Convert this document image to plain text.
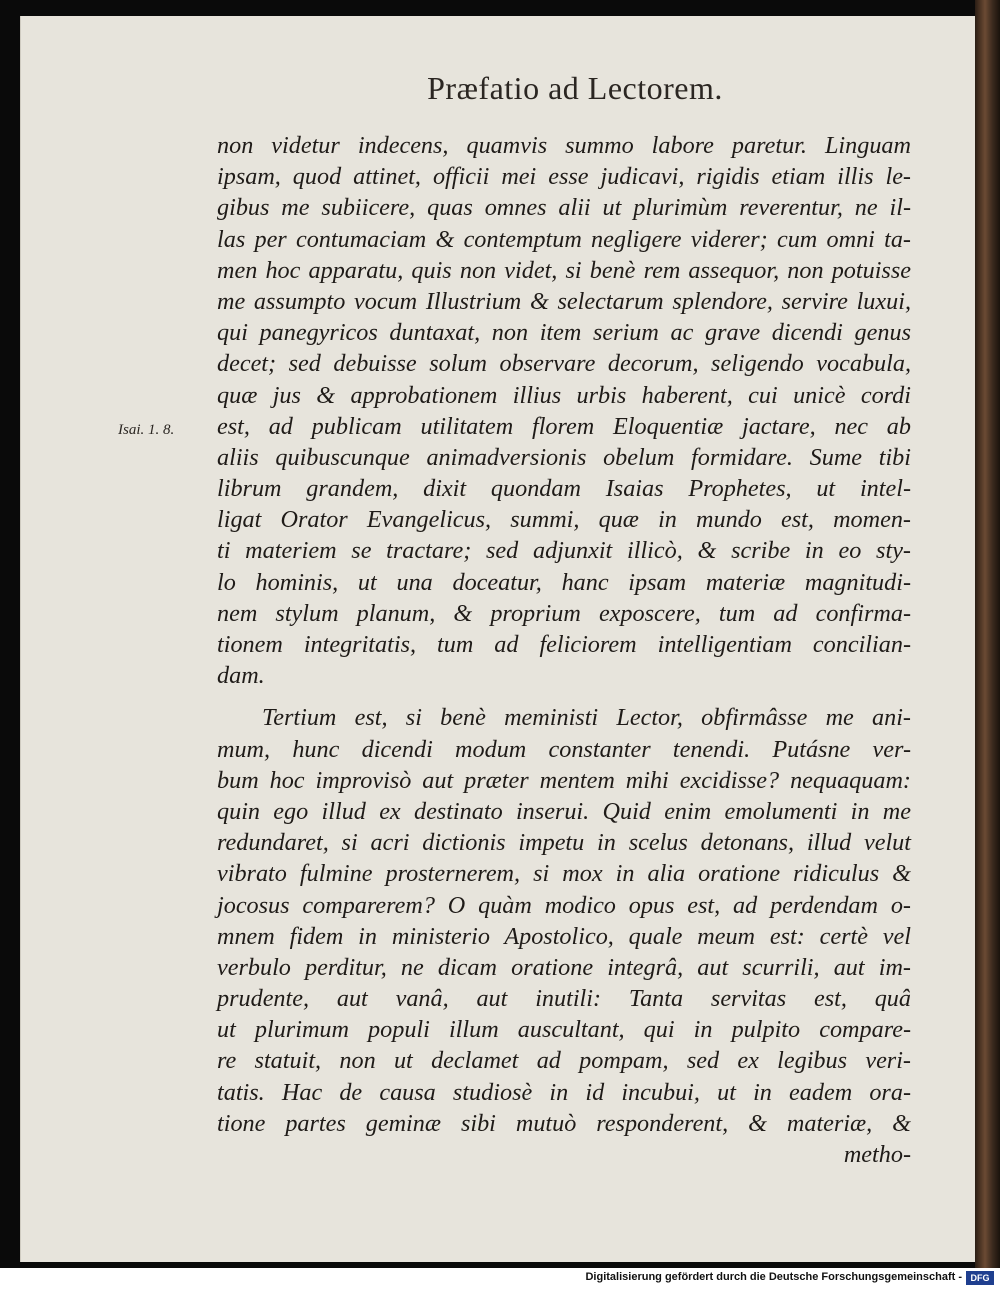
Præfatio ad Lectorem.
Isai. 1. 8.
non videtur indecens, quamvis summo labore paretur. Linguam
ipsam, quod attinet, officii mei esse judicavi, rigidis etiam illis le-
gibus me subiicere, quas omnes alii ut plurimùm reverentur, ne il-
las per contumaciam & contemptum negligere viderer; cum omni ta-
men hoc apparatu, quis non videt, si benè rem assequor, non potuisse
me assumpto vocum Illustrium & selectarum splendore, servire luxui,
qui panegyricos duntaxat, non item serium ac grave dicendi genus
decet; sed debuisse solum observare decorum, seligendo vocabula,
quæ jus & approbationem illius urbis haberent, cui unicè cordi
est, ad publicam utilitatem florem Eloquentiæ jactare, nec ab
aliis quibuscunque animadversionis obelum formidare. Sume tibi
librum grandem, dixit quondam Isaias Prophetes, ut intel-
ligat Orator Evangelicus, summi, quæ in mundo est, momen-
ti materiem se tractare; sed adjunxit illicò, & scribe in eo sty-
lo hominis, ut una doceatur, hanc ipsam materiæ magnitudi-
nem stylum planum, & proprium exposcere, tum ad confirma-
tionem integritatis, tum ad feliciorem intelligentiam concilian-
dam.
Tertium est, si benè meministi Lector, obfirmâsse me ani-
mum, hunc dicendi modum constanter tenendi. Putásne ver-
bum hoc improvisò aut præter mentem mihi excidisse? nequaquam:
quin ego illud ex destinato inserui. Quid enim emolumenti in me
redundaret, si acri dictionis impetu in scelus detonans, illud velut
vibrato fulmine prosternerem, si mox in alia oratione ridiculus &
jocosus comparerem? O quàm modico opus est, ad perdendam o-
mnem fidem in ministerio Apostolico, quale meum est: certè vel
verbulo perditur, ne dicam oratione integrâ, aut scurrili, aut im-
prudente, aut vanâ, aut inutili: Tanta servitas est, quâ
ut plurimum populi illum auscultant, qui in pulpito compare-
re statuit, non ut declamet ad pompam, sed ex legibus veri-
tatis. Hac de causa studiosè in id incubui, ut in eadem ora-
tione partes geminæ sibi mutuò responderent, & materiæ, &
metho-
Digitalisierung gefördert durch die Deutsche Forschungsgemeinschaft - DFG
